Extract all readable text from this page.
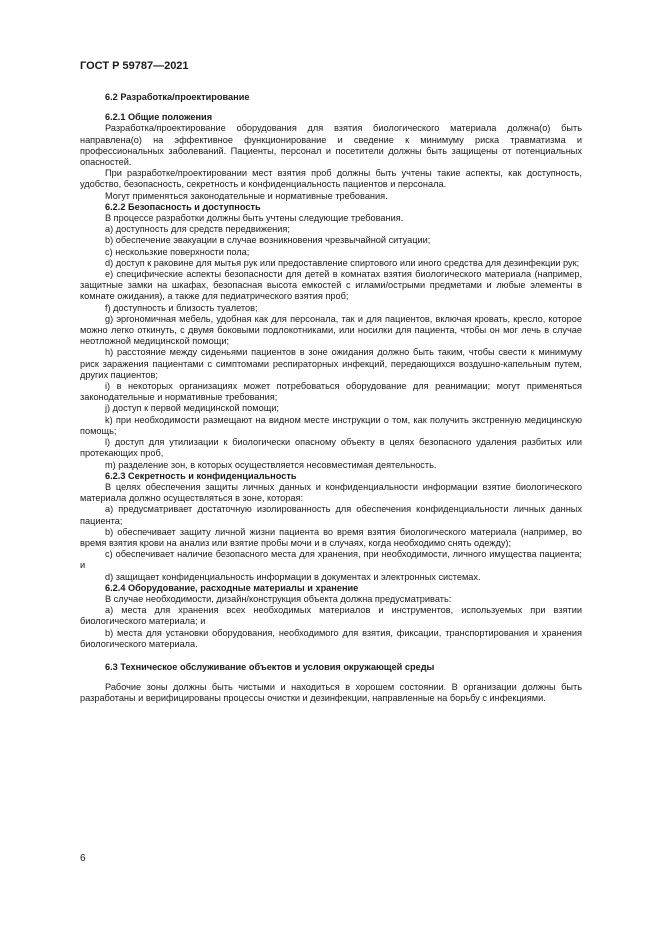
ГОСТ Р 59787—2021

6.2 Разработка/проектирование

6.2.1 Общие положения

Разработка/проектирование оборудования для взятия биологического материала должна(о) быть направлена(о) на эффективное функционирование и сведение к минимуму риска травматизма и профессиональных заболеваний. Пациенты, персонал и посетители должны быть защищены от потенциальных опасностей.

При разработке/проектировании мест взятия проб должны быть учтены такие аспекты, как доступность, удобство, безопасность, секретность и конфиденциальность пациентов и персонала.

Могут применяться законодательные и нормативные требования.

6.2.2 Безопасность и доступность

В процессе разработки должны быть учтены следующие требования.

a) доступность для средств передвижения;

b) обеспечение эвакуации в случае возникновения чрезвычайной ситуации;

c) нескользкие поверхности пола;

d) доступ к раковине для мытья рук или предоставление спиртового или иного средства для дезинфекции рук;

e) специфические аспекты безопасности для детей в комнатах взятия биологического материала (например, защитные замки на шкафах, безопасная высота емкостей с иглами/острыми предметами и любые элементы в комнате ожидания), а также для педиатрического взятия проб;

f) доступность и близость туалетов;

g) эргономичная мебель, удобная как для персонала, так и для пациентов, включая кровать, кресло, которое можно легко откинуть, с двумя боковыми подлокотниками, или носилки для пациента, чтобы он мог лечь в случае неотложной медицинской помощи;

h) расстояние между сиденьями пациентов в зоне ожидания должно быть таким, чтобы свести к минимуму риск заражения пациентами с симптомами респираторных инфекций, передающихся воздушно-капельным путем, других пациентов;

i) в некоторых организациях может потребоваться оборудование для реанимации; могут применяться законодательные и нормативные требования;

j) доступ к первой медицинской помощи;

k) при необходимости размещают на видном месте инструкции о том, как получить экстренную медицинскую помощь;

l) доступ для утилизации к биологически опасному объекту в целях безопасного удаления разбитых или протекающих проб,

m) разделение зон, в которых осуществляется несовместимая деятельность.

6.2.3 Секретность и конфиденциальность

В целях обеспечения защиты личных данных и конфиденциальности информации взятие биологического материала должно осуществляться в зоне, которая:

a) предусматривает достаточную изолированность для обеспечения конфиденциальности личных данных пациента;

b) обеспечивает защиту личной жизни пациента во время взятия биологического материала (например, во время взятия крови на анализ или взятие пробы мочи и в случаях, когда необходимо снять одежду);

c) обеспечивает наличие безопасного места для хранения, при необходимости, личного имущества пациента; и

d) защищает конфиденциальность информации в документах и электронных системах.

6.2.4 Оборудование, расходные материалы и хранение

В случае необходимости, дизайн/конструкция объекта должна предусматривать:

a) места для хранения всех необходимых материалов и инструментов, используемых при взятии биологического материала; и

b) места для установки оборудования, необходимого для взятия, фиксации, транспортирования и хранения биологического материала.

6.3 Техническое обслуживание объектов и условия окружающей среды

Рабочие зоны должны быть чистыми и находиться в хорошем состоянии. В организации должны быть разработаны и верифицированы процессы очистки и дезинфекции, направленные на борьбу с инфекциями.

6
